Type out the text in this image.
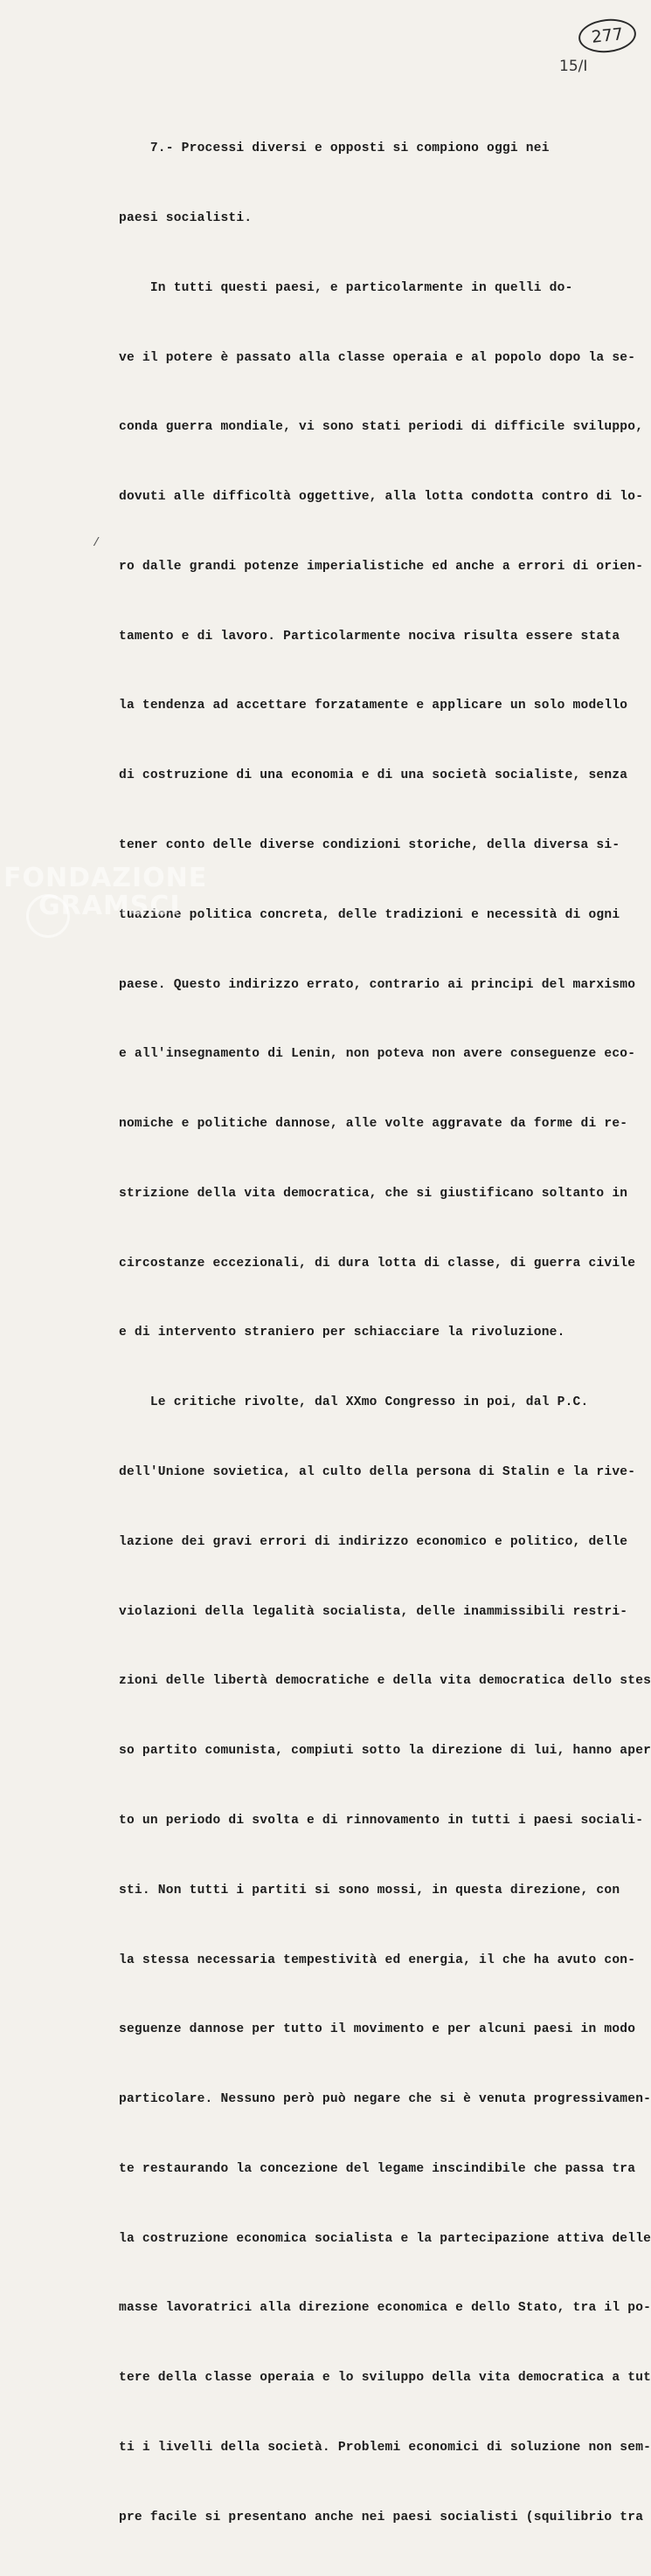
277
15/I
/

7.- Processi diversi e opposti si compiono oggi nei

paesi socialisti.

In tutti questi paesi, e particolarmente in quelli do-

ve il potere è passato alla classe operaia e al popolo dopo la se-

conda guerra mondiale, vi sono stati periodi di difficile sviluppo,

dovuti alle difficoltà oggettive, alla lotta condotta contro di lo-

ro dalle grandi potenze imperialistiche ed anche a errori di orien-

tamento e di lavoro. Particolarmente nociva risulta essere stata

la tendenza ad accettare forzatamente e applicare un solo modello

di costruzione di una economia e di una società socialiste, senza

tener conto delle diverse condizioni storiche, della diversa si-

tuazione politica concreta, delle tradizioni e necessità di ogni

paese. Questo indirizzo errato, contrario ai principi del marxismo

e all'insegnamento di Lenin, non poteva non avere conseguenze eco-

nomiche e politiche dannose, alle volte aggravate da forme di re-

strizione della vita democratica, che si giustificano soltanto in

circostanze eccezionali, di dura lotta di classe, di guerra civile

e di intervento straniero per schiacciare la rivoluzione.

Le critiche rivolte, dal XXmo Congresso in poi, dal P.C.

dell'Unione sovietica, al culto della persona di Stalin e la rive-

lazione dei gravi errori di indirizzo economico e politico, delle

violazioni della legalità socialista, delle inammissibili restri-

zioni delle libertà democratiche e della vita democratica dello stes

so partito comunista, compiuti sotto la direzione di lui, hanno aper

to un periodo di svolta e di rinnovamento in tutti i paesi sociali-

sti. Non tutti i partiti si sono mossi, in questa direzione, con

la stessa necessaria tempestività ed energia, il che ha avuto con-

seguenze dannose per tutto il movimento e per alcuni paesi in modo

particolare. Nessuno però può negare che si è venuta progressivamen-

te restaurando la concezione del legame inscindibile che passa tra

la costruzione economica socialista e la partecipazione attiva delle

masse lavoratrici alla direzione economica e dello Stato, tra il po-

tere della classe operaia e lo sviluppo della vita democratica a tut

ti i livelli della società. Problemi economici di soluzione non sem-

pre facile si presentano anche nei paesi socialisti (squilibrio tra

FONDAZIONE
GRAMSCI
